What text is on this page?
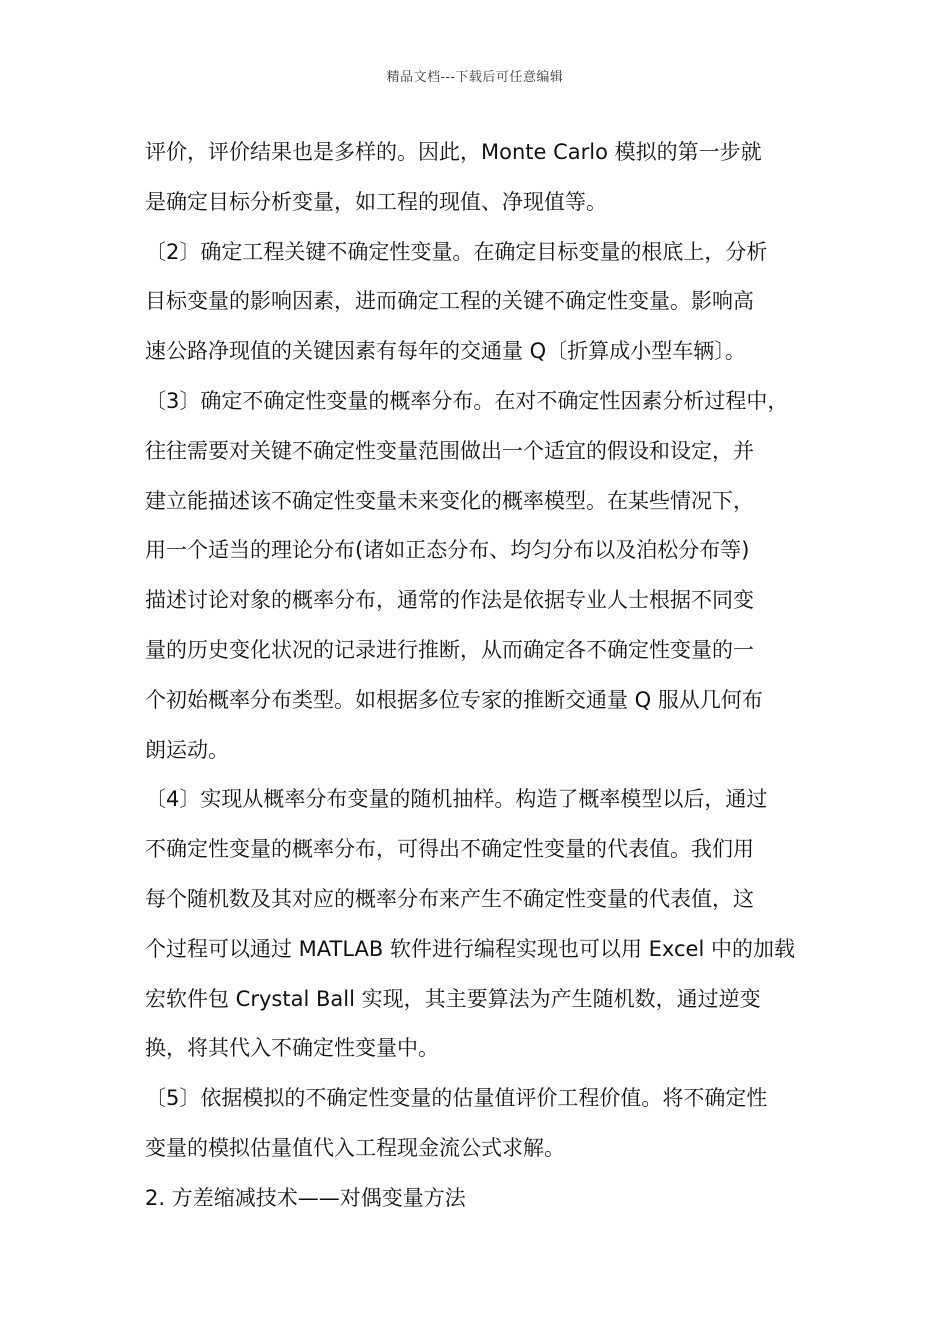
精品文档---下载后可任意编辑
评价，评价结果也是多样的。因此，Monte Carlo 模拟的第一步就
是确定目标分析变量，如工程的现值、净现值等。
〔2〕确定工程关键不确定性变量。在确定目标变量的根底上，分析
目标变量的影响因素，进而确定工程的关键不确定性变量。影响高
速公路净现值的关键因素有每年的交通量 Q〔折算成小型车辆〕。
〔3〕确定不确定性变量的概率分布。在对不确定性因素分析过程中，
往往需要对关键不确定性变量范围做出一个适宜的假设和设定，并
建立能描述该不确定性变量未来变化的概率模型。在某些情况下，
用一个适当的理论分布(诸如正态分布、均匀分布以及泊松分布等)
描述讨论对象的概率分布，通常的作法是依据专业人士根据不同变
量的历史变化状况的记录进行推断，从而确定各不确定性变量的一
个初始概率分布类型。如根据多位专家的推断交通量 Q 服从几何布
朗运动。
〔4〕实现从概率分布变量的随机抽样。构造了概率模型以后，通过
不确定性变量的概率分布，可得出不确定性变量的代表值。我们用
每个随机数及其对应的概率分布来产生不确定性变量的代表值，这
个过程可以通过 MATLAB 软件进行编程实现也可以用 Excel 中的加载
宏软件包 Crystal Ball 实现，其主要算法为产生随机数，通过逆变
换，将其代入不确定性变量中。
〔5〕依据模拟的不确定性变量的估量值评价工程价值。将不确定性
变量的模拟估量值代入工程现金流公式求解。
2. 方差缩减技术——对偶变量方法
